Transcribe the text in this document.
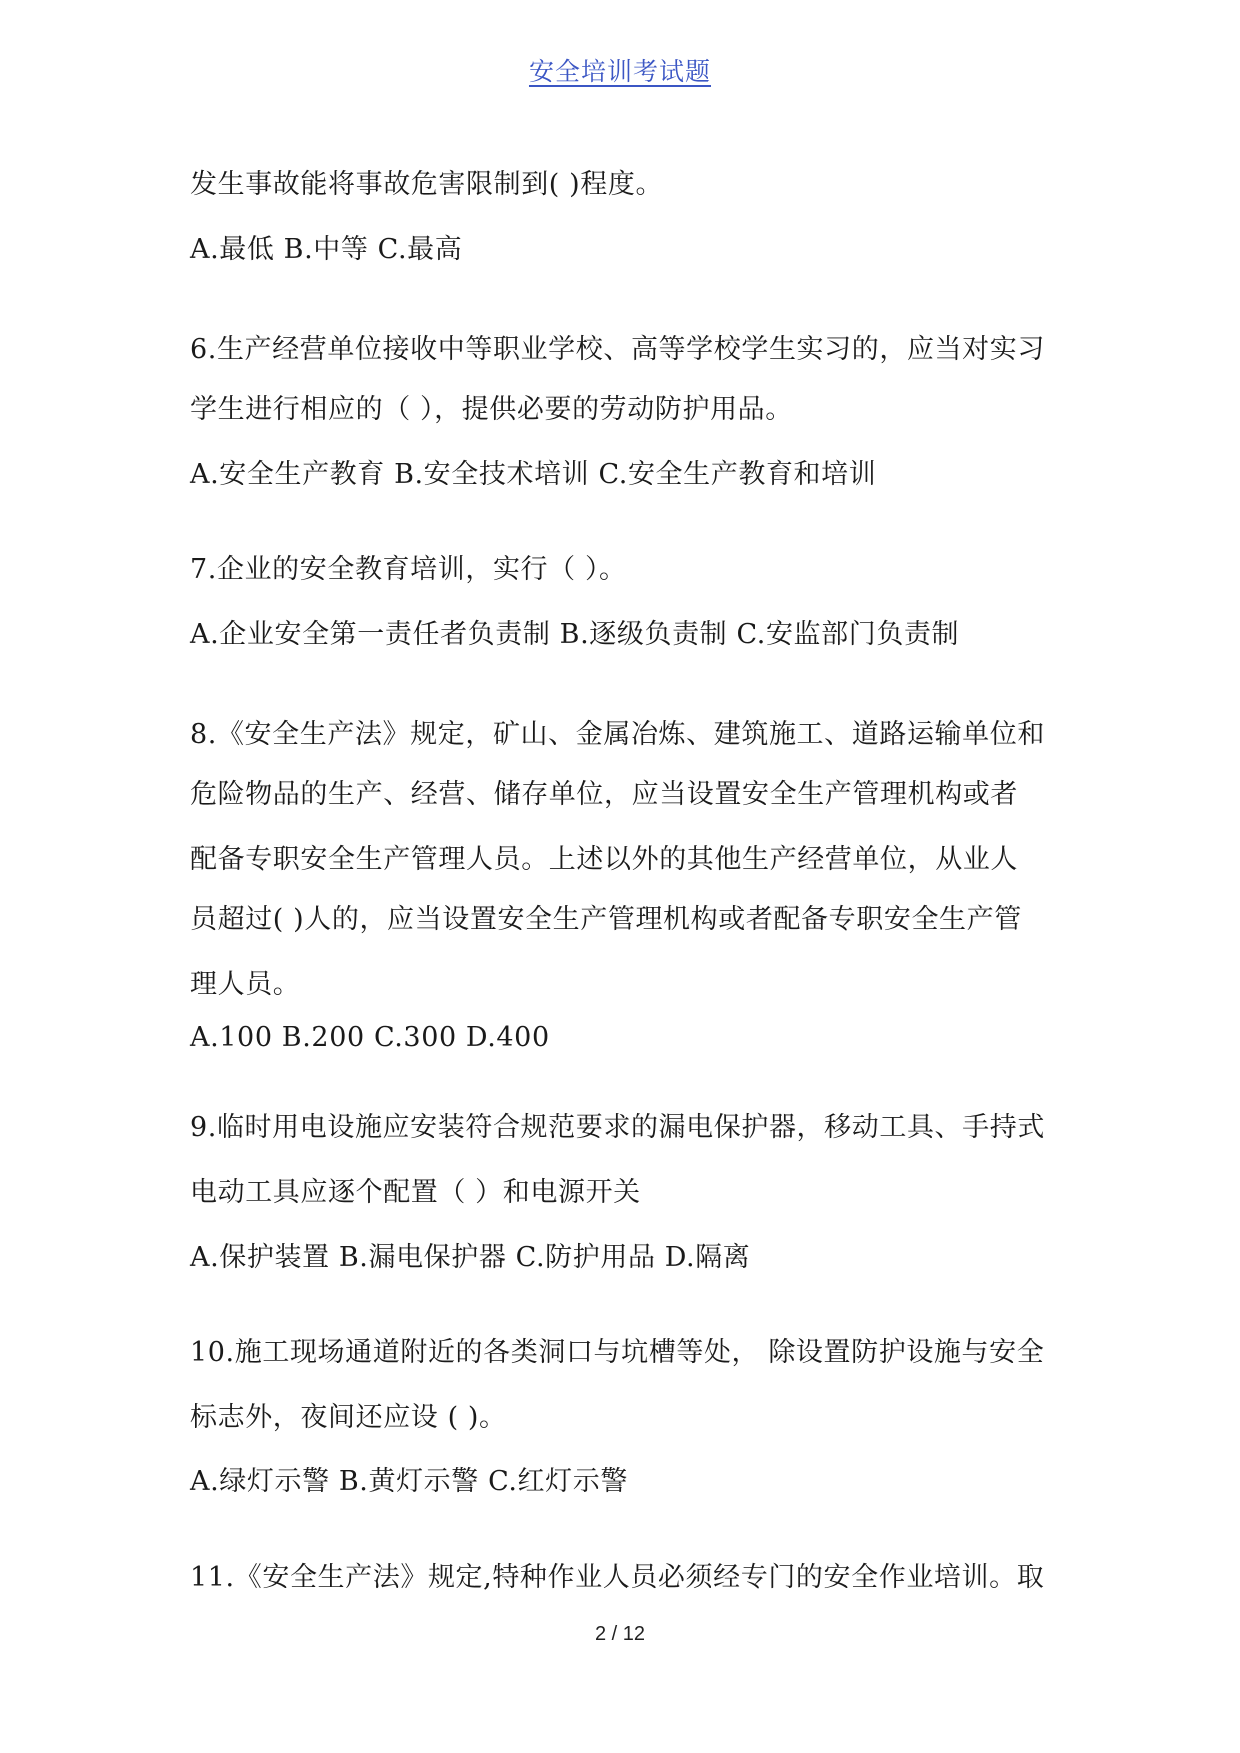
安全培训考试题
发生事故能将事故危害限制到( )程度。
A.最低 B.中等 C.最高
6.生产经营单位接收中等职业学校、高等学校学生实习的，应当对实习
学生进行相应的（ ），提供必要的劳动防护用品。
A.安全生产教育 B.安全技术培训 C.安全生产教育和培训
7.企业的安全教育培训，实行（ ）。
A.企业安全第一责任者负责制 B.逐级负责制 C.安监部门负责制
8.《安全生产法》规定，矿山、金属冶炼、建筑施工、道路运输单位和
危险物品的生产、经营、储存单位，应当设置安全生产管理机构或者
配备专职安全生产管理人员。上述以外的其他生产经营单位，从业人
员超过( )人的，应当设置安全生产管理机构或者配备专职安全生产管
理人员。
A.100 B.200 C.300 D.400
9.临时用电设施应安装符合规范要求的漏电保护器，移动工具、手持式
电动工具应逐个配置（ ）和电源开关
A.保护装置 B.漏电保护器 C.防护用品 D.隔离
10.施工现场通道附近的各类洞口与坑槽等处， 除设置防护设施与安全
标志外，夜间还应设 ( )。
A.绿灯示警 B.黄灯示警 C.红灯示警
11.《安全生产法》规定,特种作业人员必须经专门的安全作业培训。取
2 / 12
